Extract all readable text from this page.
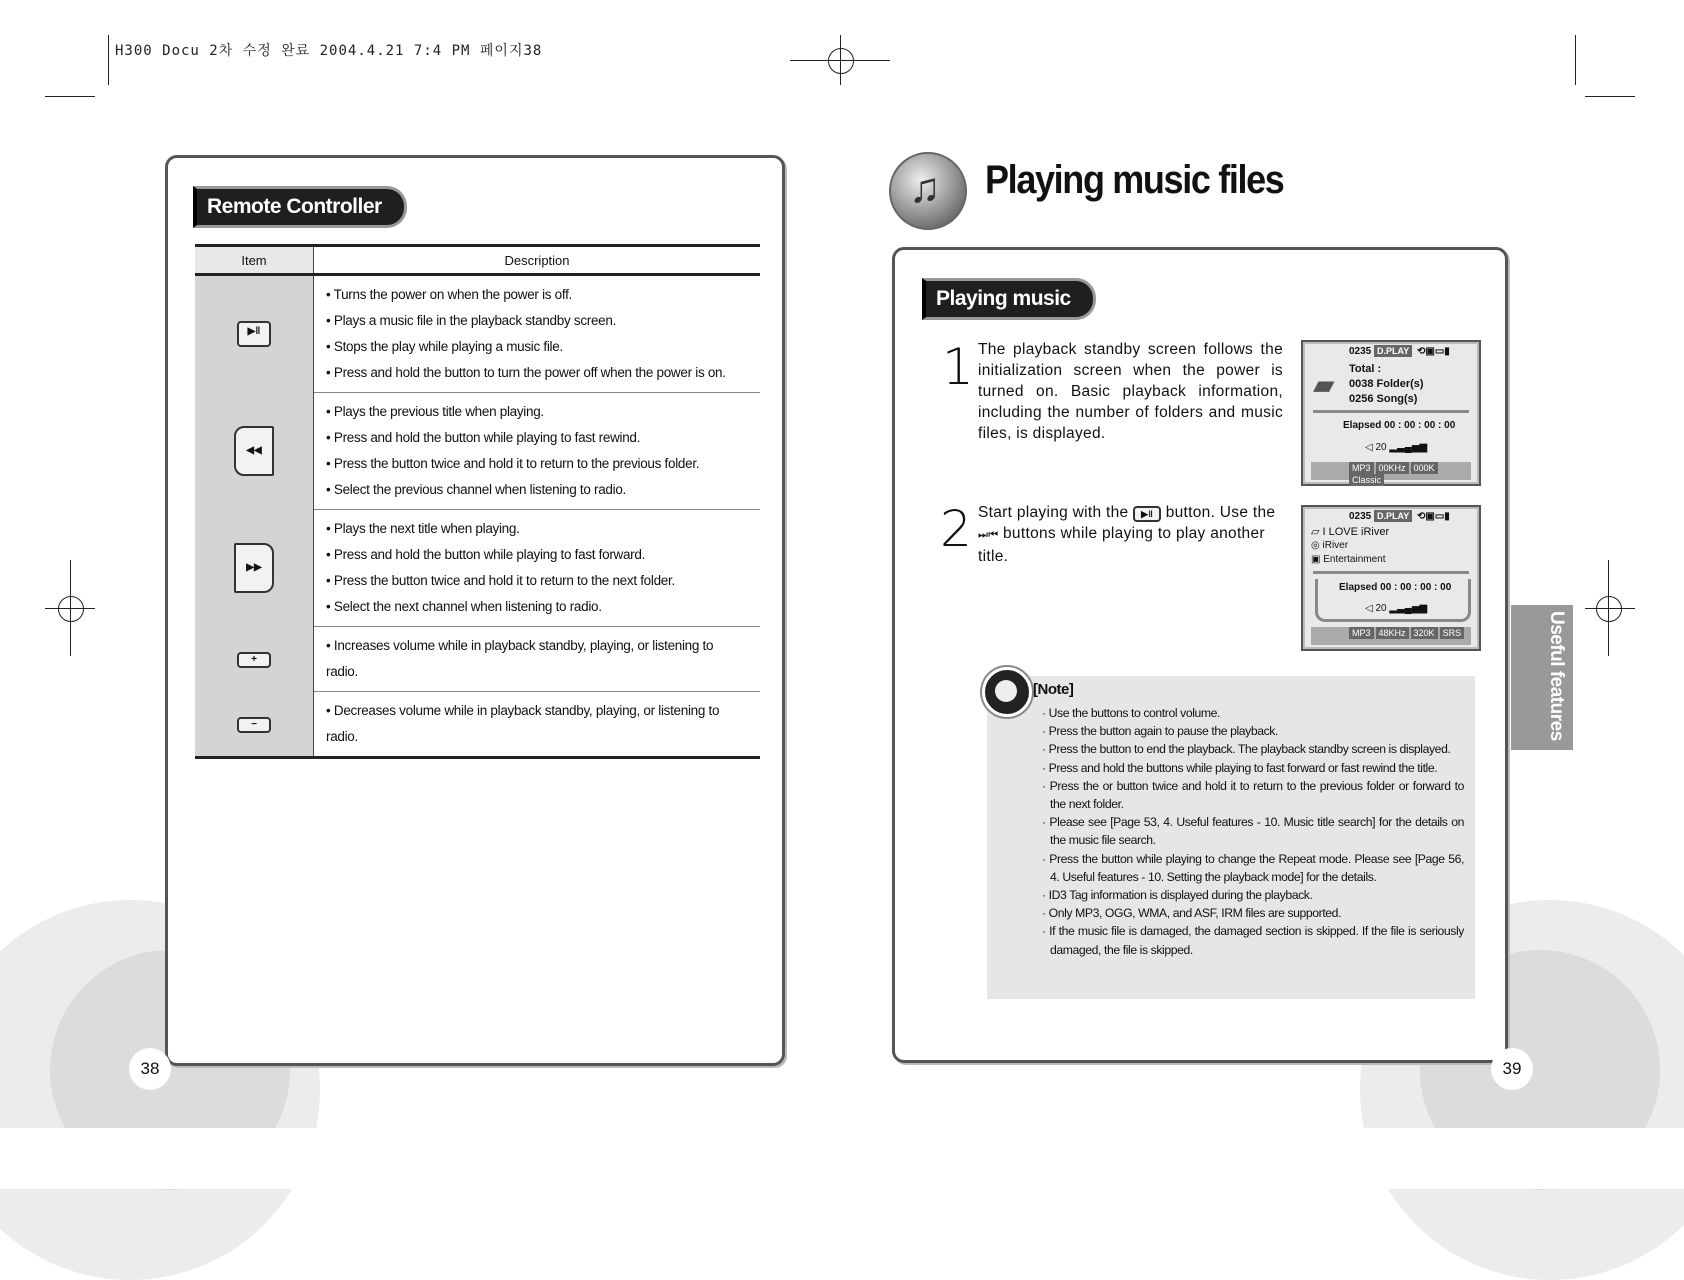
H300 Docu 2차 수정 완료 2004.4.21 7:4 PM 페이지38
Remote Controller
Item	Description
▶‖	• Turns the power on when the power is off.
• Plays a music file in the playback standby screen.
• Stops the play while playing a music file.
• Press and hold the button to turn the power off when the power is on.

◀◀	• Plays the previous title when playing.
• Press and hold the button while playing to fast rewind.
• Press the button twice and hold it to return to the previous folder.
• Select the previous channel when listening to radio.

▶▶	• Plays the next title when playing.
• Press and hold the button while playing to fast forward.
• Press the button twice and hold it to return to the next folder.
• Select the next channel when listening to radio.

+	• Increases volume while in playback standby, playing, or listening to radio.

−	• Decreases volume while in playback standby, playing, or listening to radio.
38
♫ Playing music files
Playing music
1 The playback standby screen follows the initialization screen when the power is turned on. Basic playback information, including the number of folders and music files, is displayed.
0235 D.PLAY ⟲▣▭▮
▰ Total :
0038 Folder(s)
0256 Song(s)
Elapsed 00 : 00 : 00 : 00
◁ 20 ▂▃▄▅▆
MP3 00KHz 000KClassic
2 Start playing with the ▶‖ button. Use the ⏭⏮ buttons while playing to play another title.
0235 D.PLAY ⟲▣▭▮
▱ I LOVE iRiver
◎ iRiver
▣ Entertainment
Elapsed 00 : 00 : 00 : 00
◁ 20 ▂▃▄▅▆
MP3 48KHz 320K SRS
[Note]
· Use the buttons to control volume.
· Press the button again to pause the playback.
· Press the button to end the playback. The playback standby screen is displayed.
· Press and hold the buttons while playing to fast forward or fast rewind the title.
· Press the or button twice and hold it to return to the previous folder or forward to the next folder.
· Please see [Page 53, 4. Useful features - 10. Music title search] for the details on the music file search.
· Press the button while playing to change the Repeat mode. Please see [Page 56, 4. Useful features - 10. Setting the playback mode] for the details.
· ID3 Tag information is displayed during the playback.
· Only MP3, OGG, WMA, and ASF, IRM files are supported.
· If the music file is damaged, the damaged section is skipped. If the file is seriously damaged, the file is skipped.
Useful features
39
